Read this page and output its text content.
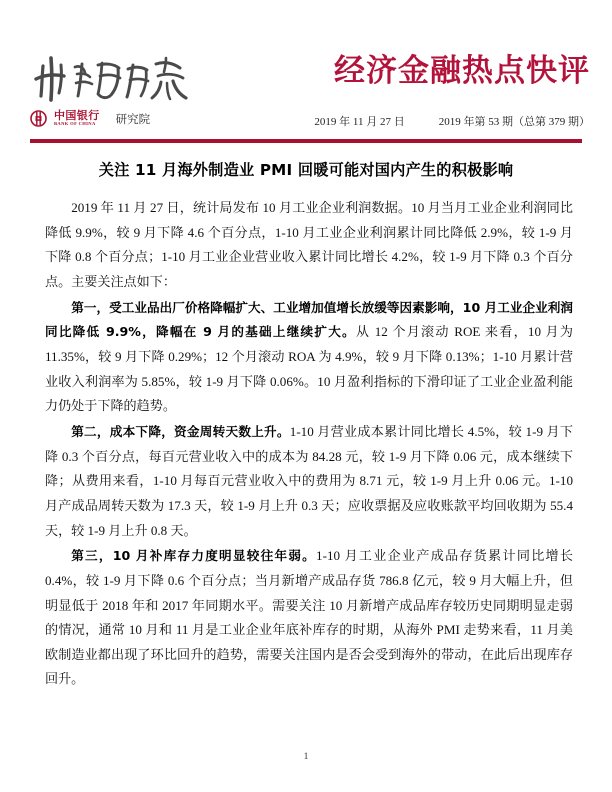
经济金融热点快评
中国银行
BANK OF CHINA	研究院	2019 年 11 月 27 日	2019 年第 53 期（总第 379 期）
关注 11 月海外制造业 PMI 回暖可能对国内产生的积极影响

2019 年 11 月 27 日，统计局发布 10 月工业企业利润数据。10 月当月工业企业利润同比降低 9.9%，较 9 月下降 4.6 个百分点，1-10 月工业企业利润累计同比降低 2.9%，较 1-9 月下降 0.8 个百分点；1-10 月工业企业营业收入累计同比增长 4.2%，较 1-9 月下降 0.3 个百分点。主要关注点如下：

第一，受工业品出厂价格降幅扩大、工业增加值增长放缓等因素影响，10 月工业企业利润同比降低 9.9%，降幅在 9 月的基础上继续扩大。从 12 个月滚动 ROE 来看，10 月为 11.35%，较 9 月下降 0.29%；12 个月滚动 ROA 为 4.9%，较 9 月下降 0.13%；1-10 月累计营业收入利润率为 5.85%，较 1-9 月下降 0.06%。10 月盈利指标的下滑印证了工业企业盈利能力仍处于下降的趋势。

第二，成本下降，资金周转天数上升。1-10 月营业成本累计同比增长 4.5%，较 1-9 月下降 0.3 个百分点，每百元营业收入中的成本为 84.28 元，较 1-9 月下降 0.06 元，成本继续下降；从费用来看，1-10 月每百元营业收入中的费用为 8.71 元，较 1-9 月上升 0.06 元。1-10 月产成品周转天数为 17.3 天，较 1-9 月上升 0.3 天；应收票据及应收账款平均回收期为 55.4 天，较 1-9 月上升 0.8 天。

第三，10 月补库存力度明显较往年弱。1-10 月工业企业产成品存货累计同比增长 0.4%，较 1-9 月下降 0.6 个百分点；当月新增产成品存货 786.8 亿元，较 9 月大幅上升，但明显低于 2018 年和 2017 年同期水平。需要关注 10 月新增产成品库存较历史同期明显走弱的情况，通常 10 月和 11 月是工业企业年底补库存的时期，从海外 PMI 走势来看，11 月美欧制造业都出现了环比回升的趋势，需要关注国内是否会受到海外的带动，在此后出现库存回升。

1
